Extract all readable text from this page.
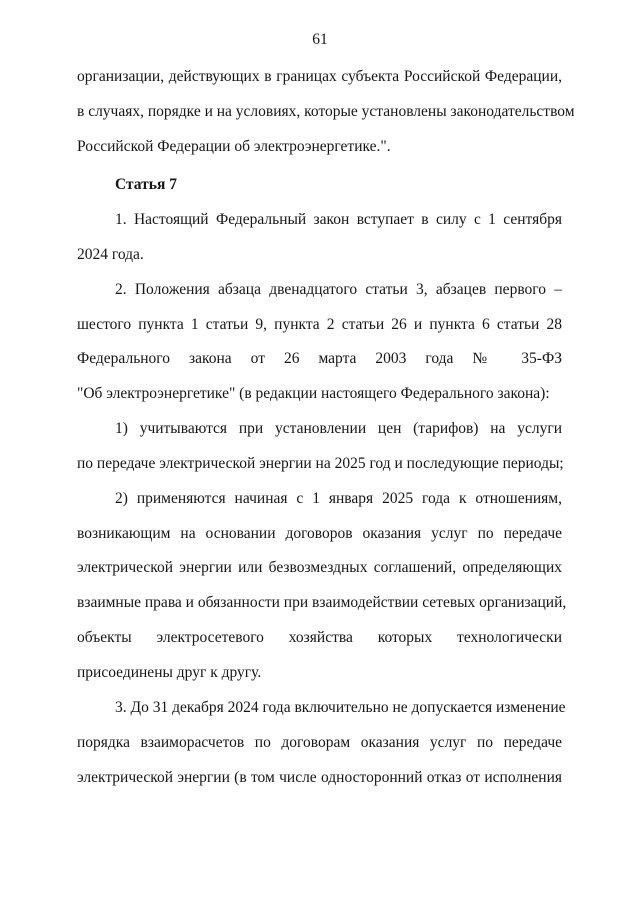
61
организации, действующих в границах субъекта Российской Федерации,
в случаях, порядке и на условиях, которые установлены законодательством
Российской Федерации об электроэнергетике.".
Статья 7
1. Настоящий Федеральный закон вступает в силу с 1 сентября
2024 года.
2. Положения абзаца двенадцатого статьи 3, абзацев первого –
шестого пункта 1 статьи 9, пункта 2 статьи 26 и пункта 6 статьи 28
Федерального закона от 26 марта 2003 года № 35-ФЗ
"Об электроэнергетике" (в редакции настоящего Федерального закона):
1) учитываются при установлении цен (тарифов) на услуги
по передаче электрической энергии на 2025 год и последующие периоды;
2) применяются начиная с 1 января 2025 года к отношениям,
возникающим на основании договоров оказания услуг по передаче
электрической энергии или безвозмездных соглашений, определяющих
взаимные права и обязанности при взаимодействии сетевых организаций,
объекты электросетевого хозяйства которых технологически
присоединены друг к другу.
3. До 31 декабря 2024 года включительно не допускается изменение
порядка взаиморасчетов по договорам оказания услуг по передаче
электрической энергии (в том числе односторонний отказ от исполнения
